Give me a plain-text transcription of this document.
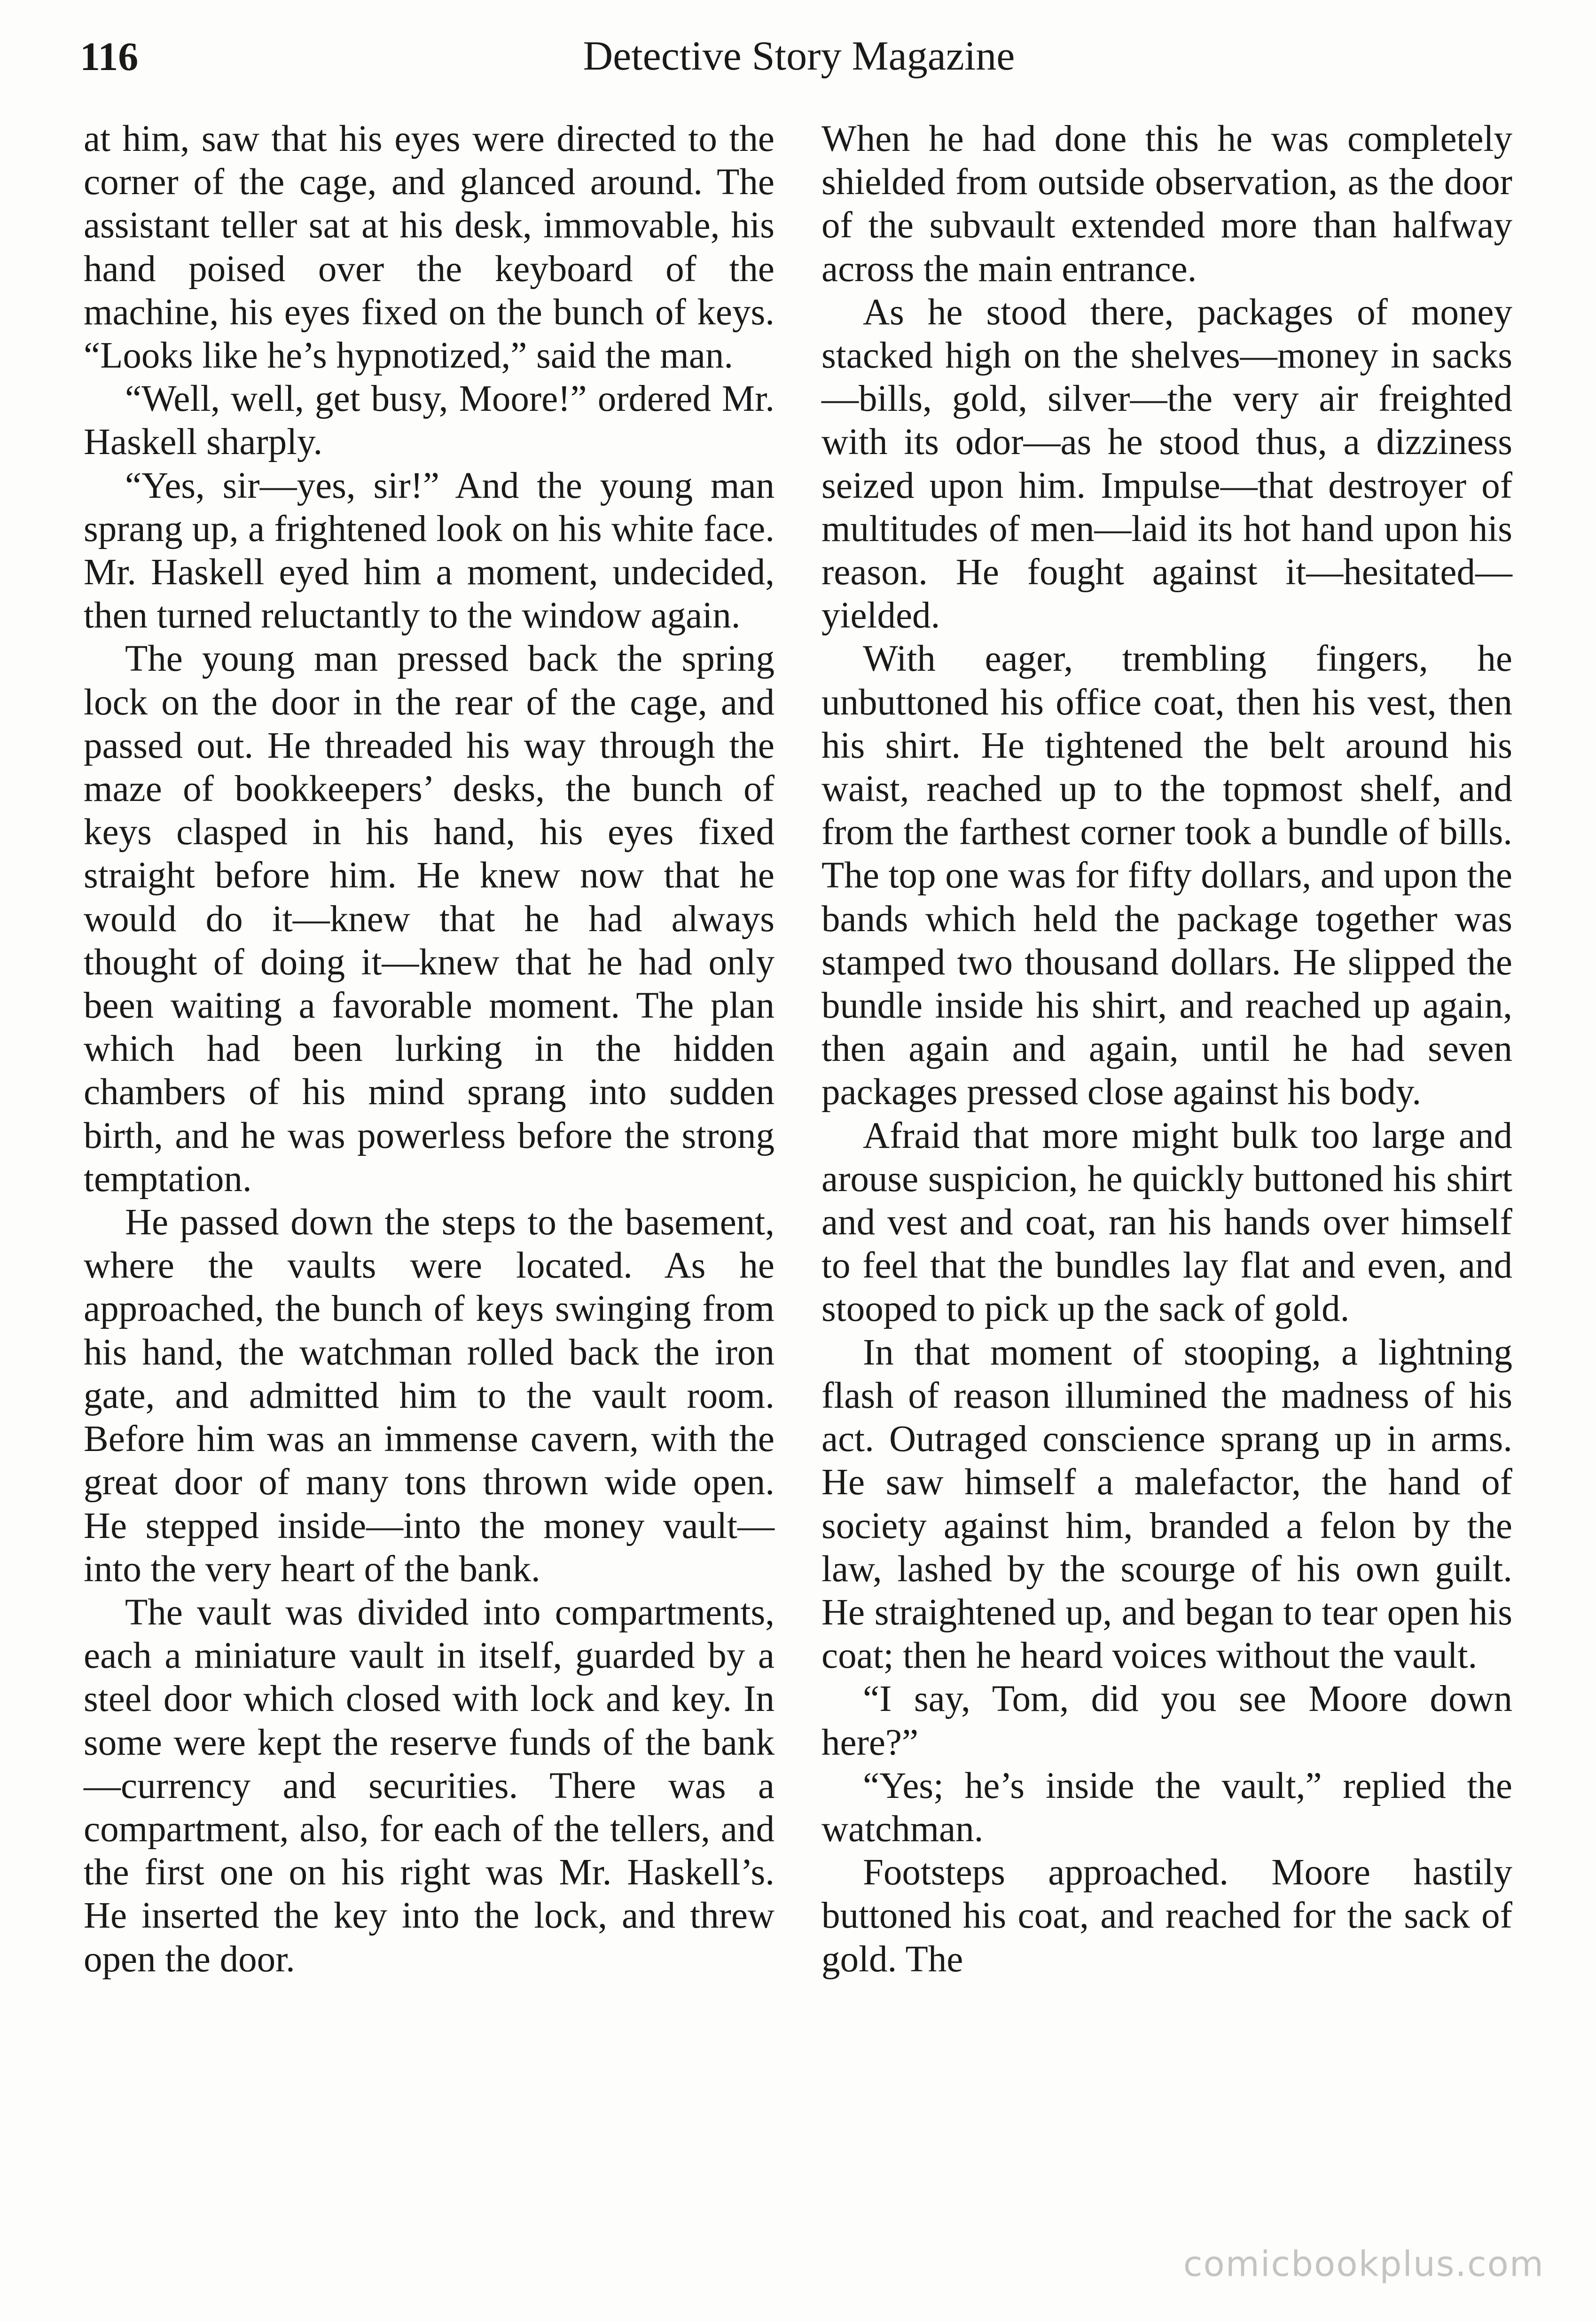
116	Detective Story Magazine

at him, saw that his eyes were directed to the corner of the cage, and glanced around. The assistant teller sat at his desk, immovable, his hand poised over the keyboard of the machine, his eyes fixed on the bunch of keys. “Looks like he’s hypnotized,” said the man.

“Well, well, get busy, Moore!” ordered Mr. Haskell sharply.

“Yes, sir—yes, sir!” And the young man sprang up, a frightened look on his white face. Mr. Haskell eyed him a moment, undecided, then turned reluctantly to the window again.

The young man pressed back the spring lock on the door in the rear of the cage, and passed out. He threaded his way through the maze of bookkeepers’ desks, the bunch of keys clasped in his hand, his eyes fixed straight before him. He knew now that he would do it—knew that he had always thought of doing it—knew that he had only been waiting a favorable moment. The plan which had been lurking in the hidden chambers of his mind sprang into sudden birth, and he was powerless before the strong temptation.

He passed down the steps to the basement, where the vaults were located. As he approached, the bunch of keys swinging from his hand, the watchman rolled back the iron gate, and admitted him to the vault room. Before him was an immense cavern, with the great door of many tons thrown wide open. He stepped inside—into the money vault—into the very heart of the bank.

The vault was divided into compartments, each a miniature vault in itself, guarded by a steel door which closed with lock and key. In some were kept the reserve funds of the bank—currency and securities. There was a compartment, also, for each of the tellers, and the first one on his right was Mr. Haskell’s. He inserted the key into the lock, and threw open the door.

When he had done this he was completely shielded from outside observation, as the door of the subvault extended more than halfway across the main entrance.

As he stood there, packages of money stacked high on the shelves—money in sacks—bills, gold, silver—the very air freighted with its odor—as he stood thus, a dizziness seized upon him. Impulse—that destroyer of multitudes of men—laid its hot hand upon his reason. He fought against it—hesitated—yielded.

With eager, trembling fingers, he unbuttoned his office coat, then his vest, then his shirt. He tightened the belt around his waist, reached up to the topmost shelf, and from the farthest corner took a bundle of bills. The top one was for fifty dollars, and upon the bands which held the package together was stamped two thousand dollars. He slipped the bundle inside his shirt, and reached up again, then again and again, until he had seven packages pressed close against his body.

Afraid that more might bulk too large and arouse suspicion, he quickly buttoned his shirt and vest and coat, ran his hands over himself to feel that the bundles lay flat and even, and stooped to pick up the sack of gold.

In that moment of stooping, a lightning flash of reason illumined the madness of his act. Outraged conscience sprang up in arms. He saw himself a malefactor, the hand of society against him, branded a felon by the law, lashed by the scourge of his own guilt. He straightened up, and began to tear open his coat; then he heard voices without the vault.

“I say, Tom, did you see Moore down here?”

“Yes; he’s inside the vault,” replied the watchman.

Footsteps approached. Moore hastily buttoned his coat, and reached for the sack of gold. The

comicbookplus.com
